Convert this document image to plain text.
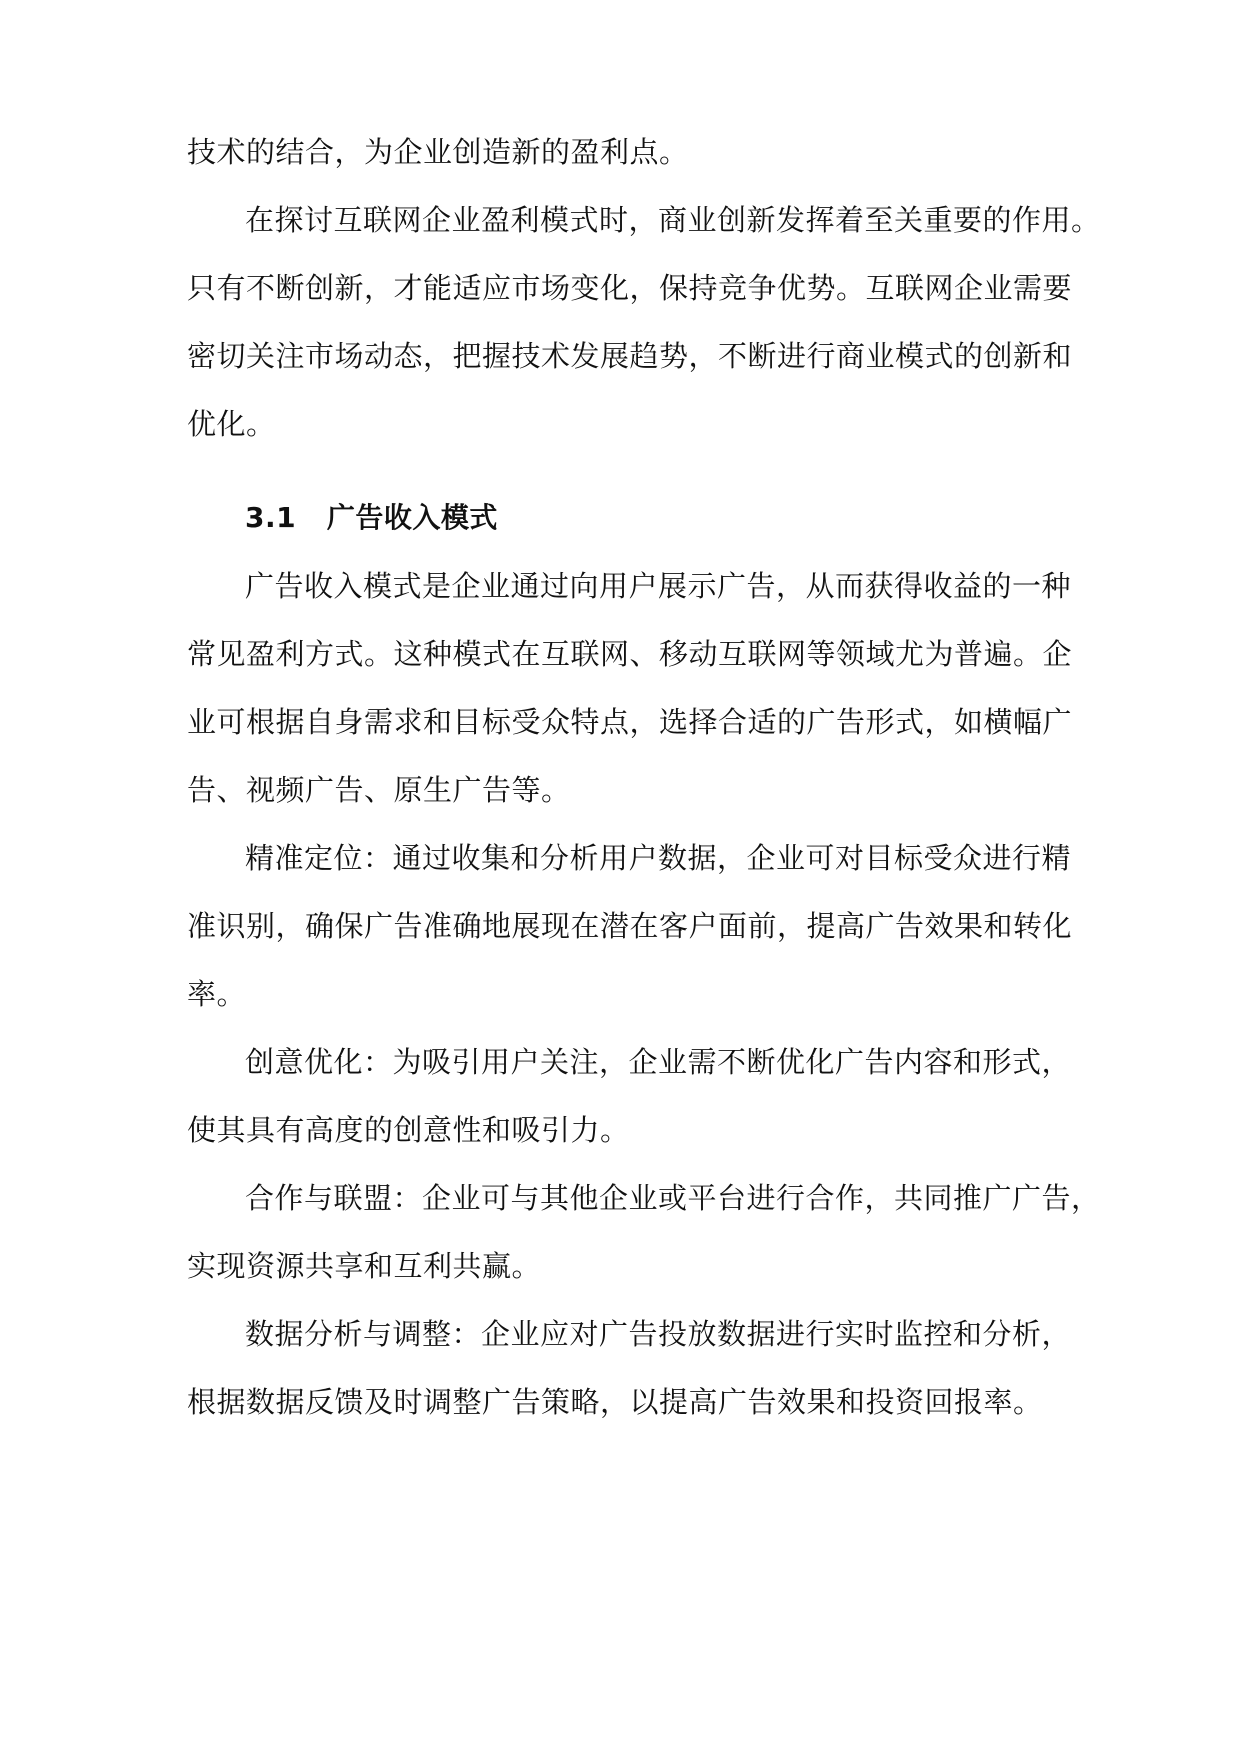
技术的结合，为企业创造新的盈利点。
在探讨互联网企业盈利模式时，商业创新发挥着至关重要的作用。
只有不断创新，才能适应市场变化，保持竞争优势。互联网企业需要
密切关注市场动态，把握技术发展趋势，不断进行商业模式的创新和
优化。
3.1 广告收入模式
广告收入模式是企业通过向用户展示广告，从而获得收益的一种
常见盈利方式。这种模式在互联网、移动互联网等领域尤为普遍。企
业可根据自身需求和目标受众特点，选择合适的广告形式，如横幅广
告、视频广告、原生广告等。
精准定位：通过收集和分析用户数据，企业可对目标受众进行精
准识别，确保广告准确地展现在潜在客户面前，提高广告效果和转化
率。
创意优化：为吸引用户关注，企业需不断优化广告内容和形式，
使其具有高度的创意性和吸引力。
合作与联盟：企业可与其他企业或平台进行合作，共同推广广告，
实现资源共享和互利共赢。
数据分析与调整：企业应对广告投放数据进行实时监控和分析，
根据数据反馈及时调整广告策略，以提高广告效果和投资回报率。
